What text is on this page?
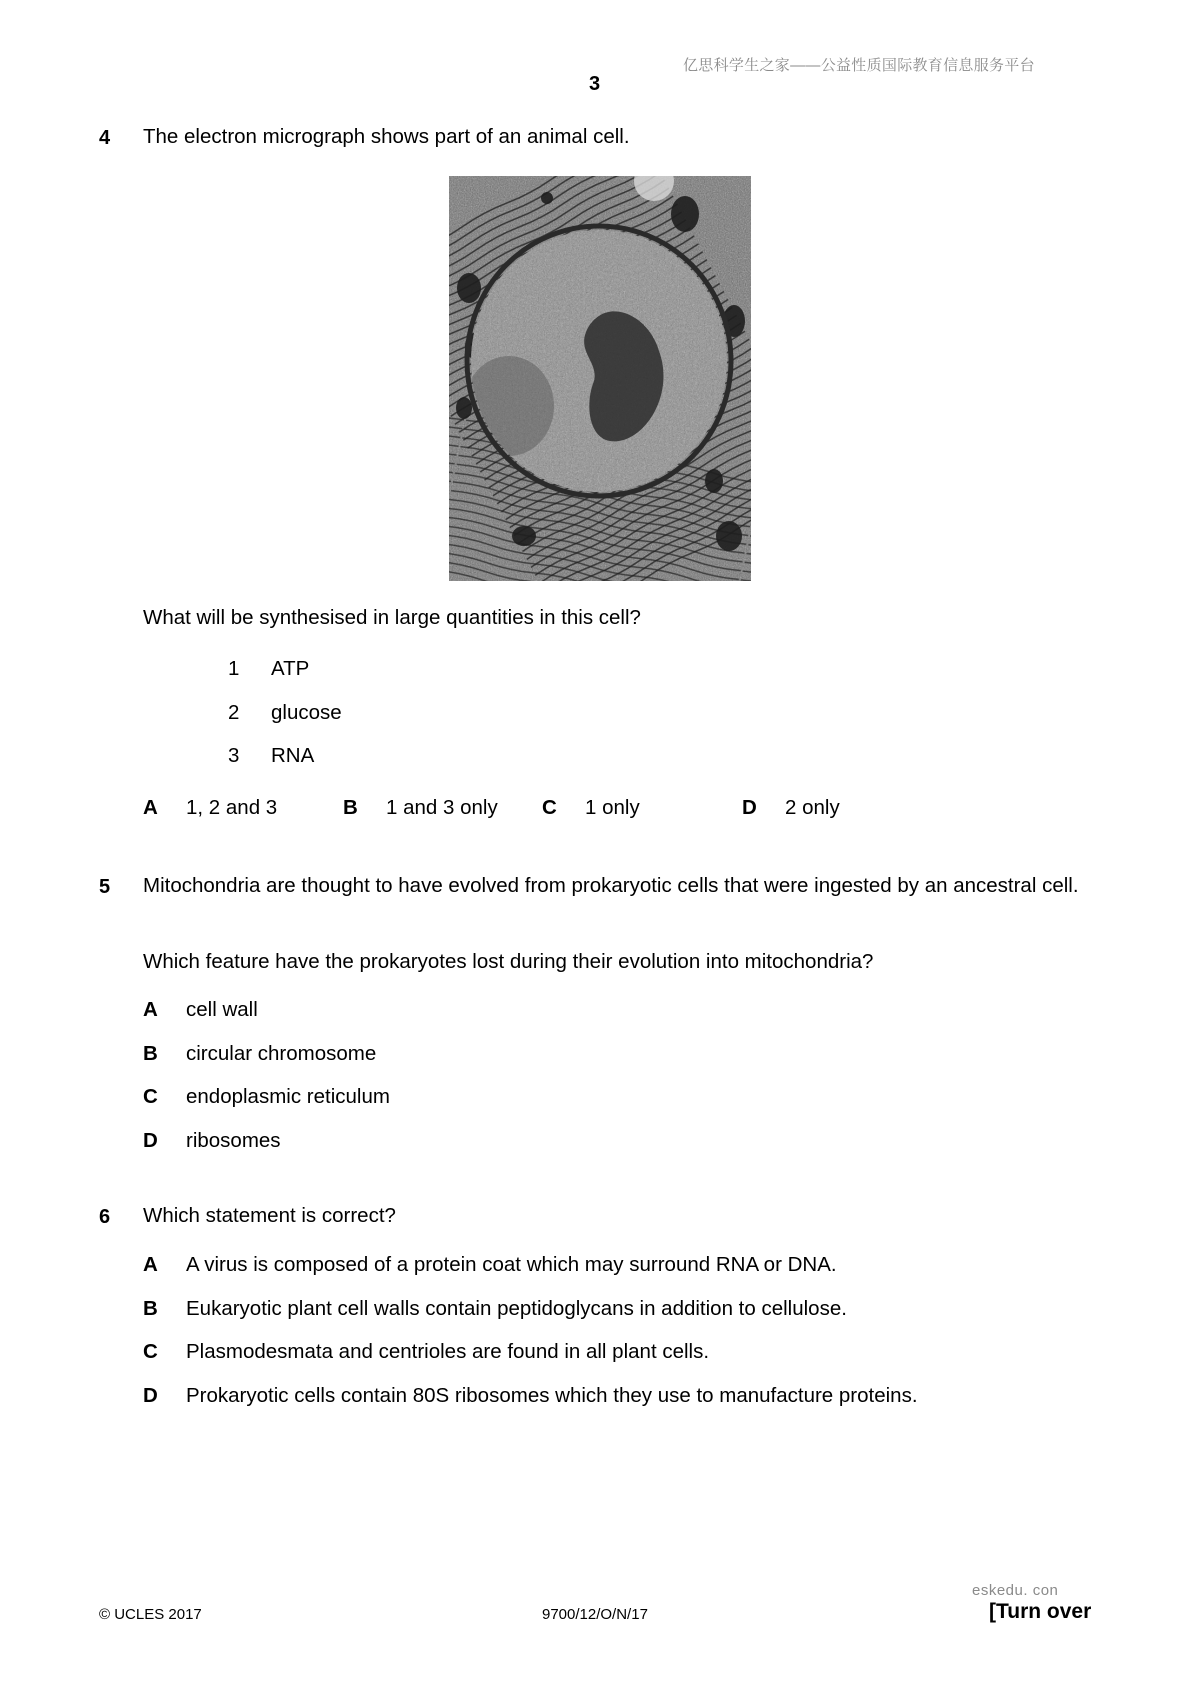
亿思科学生之家——公益性质国际教育信息服务平台
3
4 The electron micrograph shows part of an animal cell.
What will be synthesised in large quantities in this cell?
1 ATP
2 glucose
3 RNA
A 1, 2 and 3	B 1 and 3 only C 1 only	D 2 only
5 Mitochondria are thought to have evolved from prokaryotic cells that were ingested by an ancestral cell.
Which feature have the prokaryotes lost during their evolution into mitochondria?
A cell wall
B circular chromosome
C endoplasmic reticulum
D ribosomes
6 Which statement is correct?
A A virus is composed of a protein coat which may surround RNA or DNA.
B Eukaryotic plant cell walls contain peptidoglycans in addition to cellulose.
C Plasmodesmata and centrioles are found in all plant cells.
D Prokaryotic cells contain 80S ribosomes which they use to manufacture proteins.
eskedu. con
© UCLES 2017	9700/12/O/N/17	[Turn over
